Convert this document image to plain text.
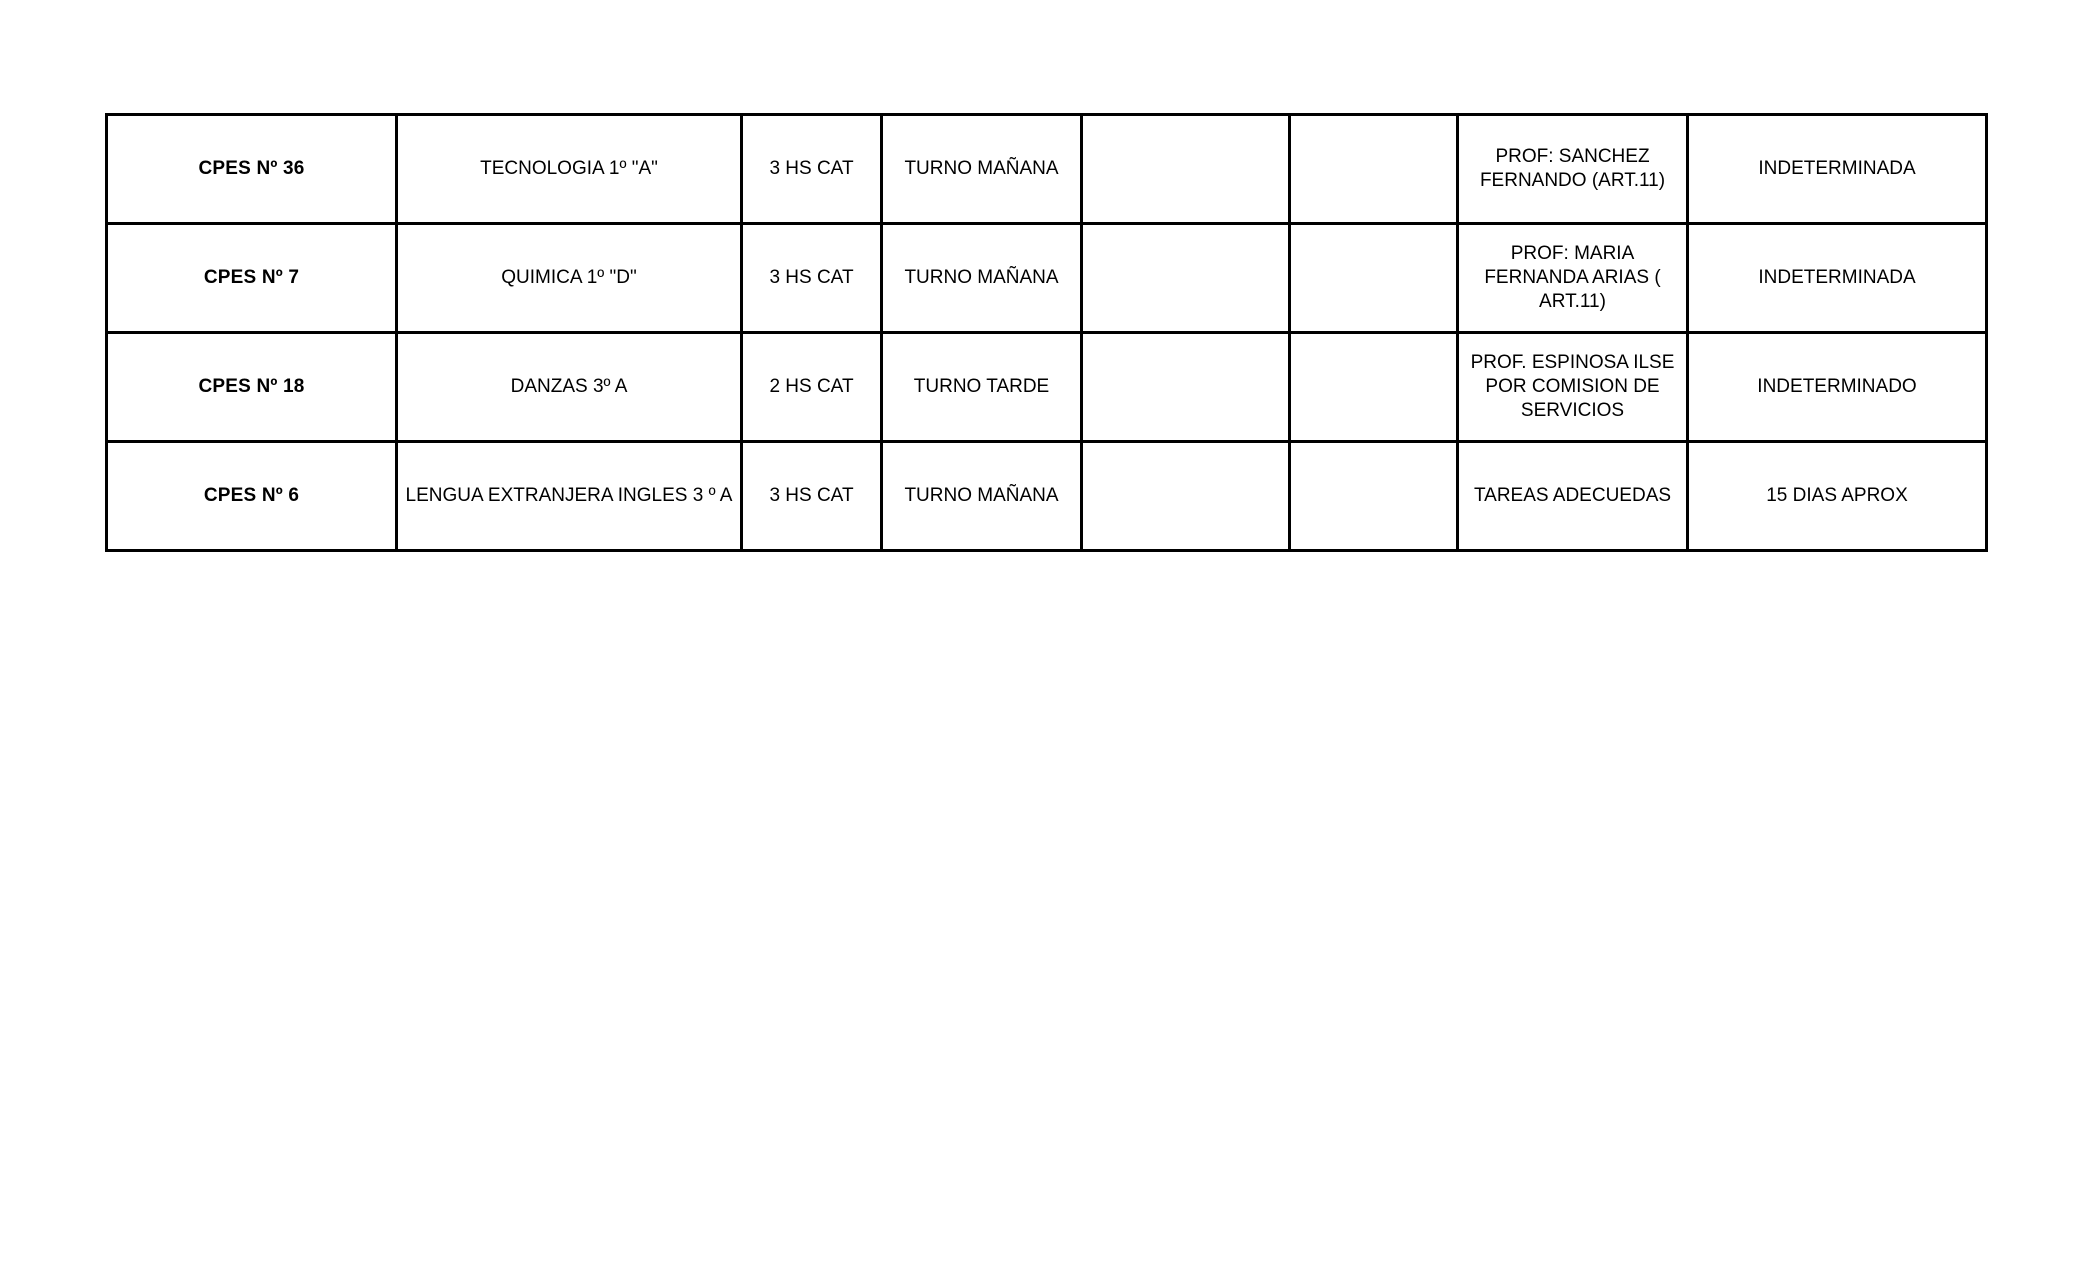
CPES Nº 36	TECNOLOGIA 1º "A"	3 HS CAT	TURNO MAÑANA			PROF: SANCHEZ FERNANDO (ART.11)	INDETERMINADA
CPES Nº 7	QUIMICA 1º "D"	3 HS CAT	TURNO MAÑANA			PROF: MARIA FERNANDA ARIAS ( ART.11)	INDETERMINADA
CPES Nº 18	DANZAS 3º A	2 HS CAT	TURNO TARDE			PROF. ESPINOSA ILSE POR COMISION DE SERVICIOS	INDETERMINADO
CPES Nº 6	LENGUA EXTRANJERA INGLES 3 º A	3 HS CAT	TURNO MAÑANA			TAREAS ADECUEDAS	15 DIAS APROX
